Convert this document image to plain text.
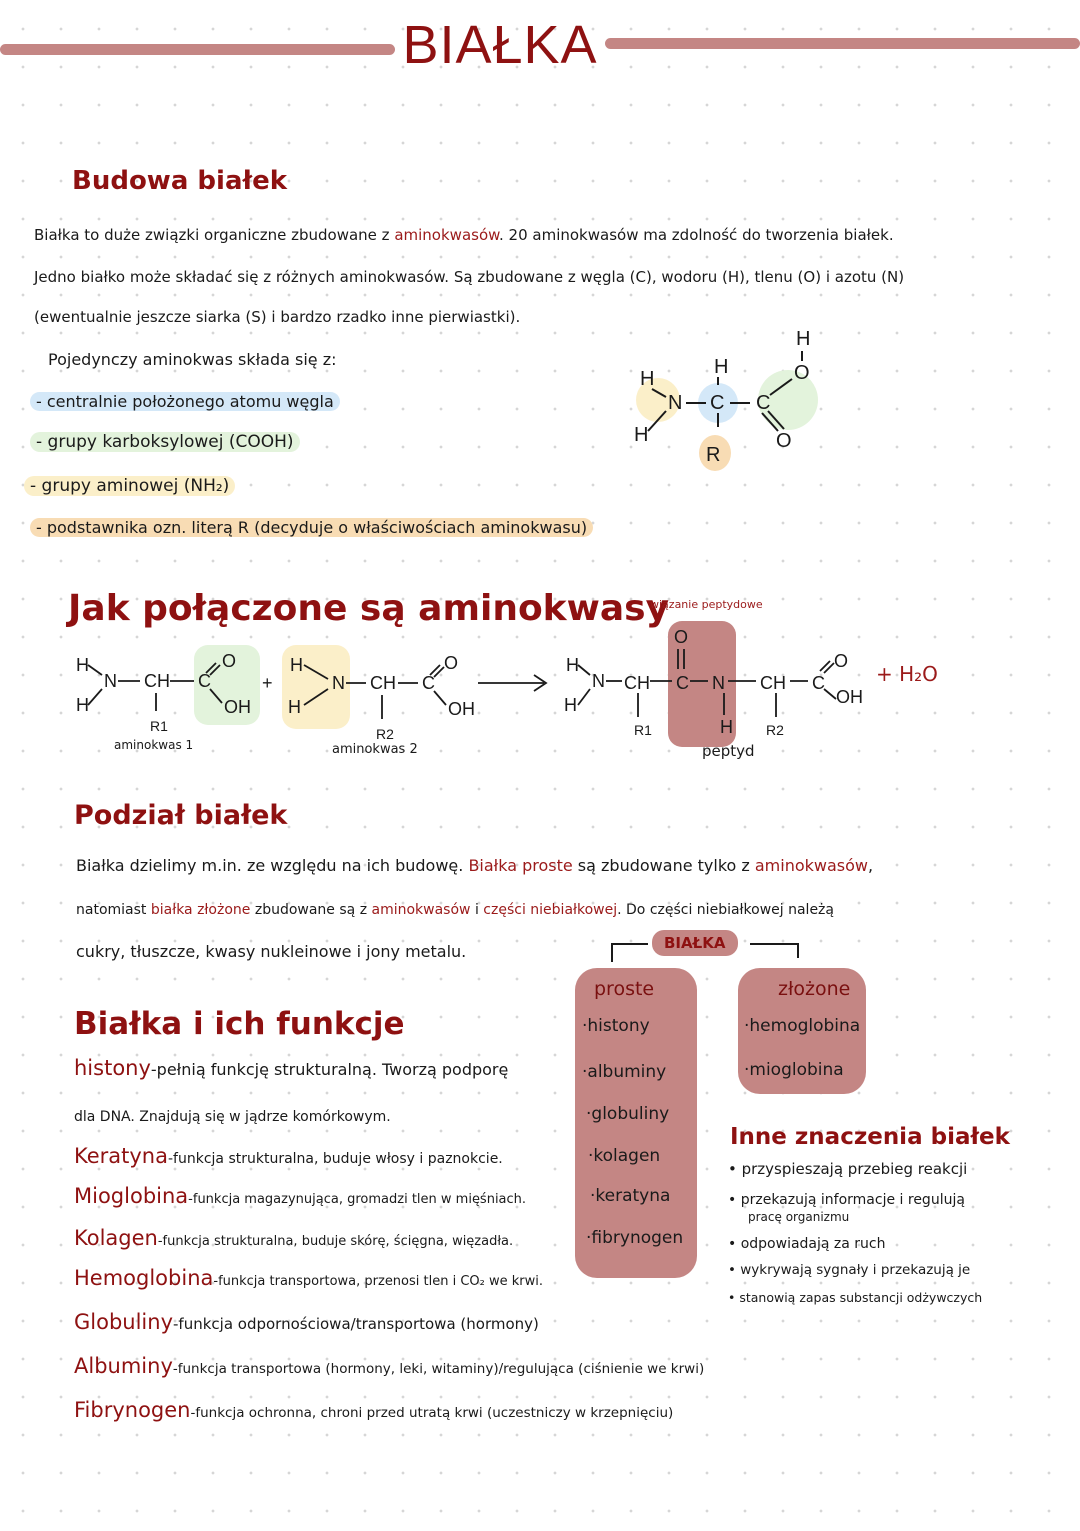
BIAŁKA
Budowa białek
Białka to duże związki organiczne zbudowane z aminokwasów. 20 aminokwasów ma zdolność do tworzenia białek.
Jedno białko może składać się z różnych aminokwasów. Są zbudowane z węgla (C), wodoru (H), tlenu (O) i azotu (N)
(ewentualnie jeszcze siarka (S) i bardzo rzadko inne pierwiastki).
Pojedynczy aminokwas składa się z:
- centralnie położonego atomu węgla
- grupy karboksylowej (COOH)
- grupy aminowej (NH₂)
- podstawnika ozn. literą R (decyduje o właściwościach aminokwasu)
H
N
H
H
C C
O
H
O
R
Jak połączone są aminokwasy
wiązanie peptydowe
H
N
H
CH C
O
OH
R1
+
H
N
H
CH C
O
OH
R2
H
N
H
CH C
O
N
H
CH C
O
OH
R1	R2
+ H₂O
aminokwas 1	aminokwas 2	peptyd
Podział białek
Białka dzielimy m.in. ze względu na ich budowę. Białka proste są zbudowane tylko z aminokwasów,
natomiast białka złożone zbudowane są z aminokwasów i części niebiałkowej. Do części niebiałkowej należą
cukry, tłuszcze, kwasy nukleinowe i jony metalu.	BIAŁKA
proste
·histony
·albuminy
·globuliny
·kolagen
·keratyna
·fibrynogen
złożone
·hemoglobina
·mioglobina
Białka i ich funkcje
histony-pełnią funkcję strukturalną. Tworzą podporę
dla DNA. Znajdują się w jądrze komórkowym.
Keratyna-funkcja strukturalna, buduje włosy i paznokcie.
Mioglobina-funkcja magazynująca, gromadzi tlen w mięśniach.
Kolagen-funkcja strukturalna, buduje skórę, ścięgna, więzadła.
Hemoglobina-funkcja transportowa, przenosi tlen i CO₂ we krwi.
Globuliny-funkcja odpornościowa/transportowa (hormony)
Albuminy-funkcja transportowa (hormony, leki, witaminy)/regulująca (ciśnienie we krwi)
Fibrynogen-funkcja ochronna, chroni przed utratą krwi (uczestniczy w krzepnięciu)
Inne znaczenia białek
• przyspieszają przebieg reakcji
• przekazują informacje i regulują
pracę organizmu
• odpowiadają za ruch
• wykrywają sygnały i przekazują je
• stanowią zapas substancji odżywczych
